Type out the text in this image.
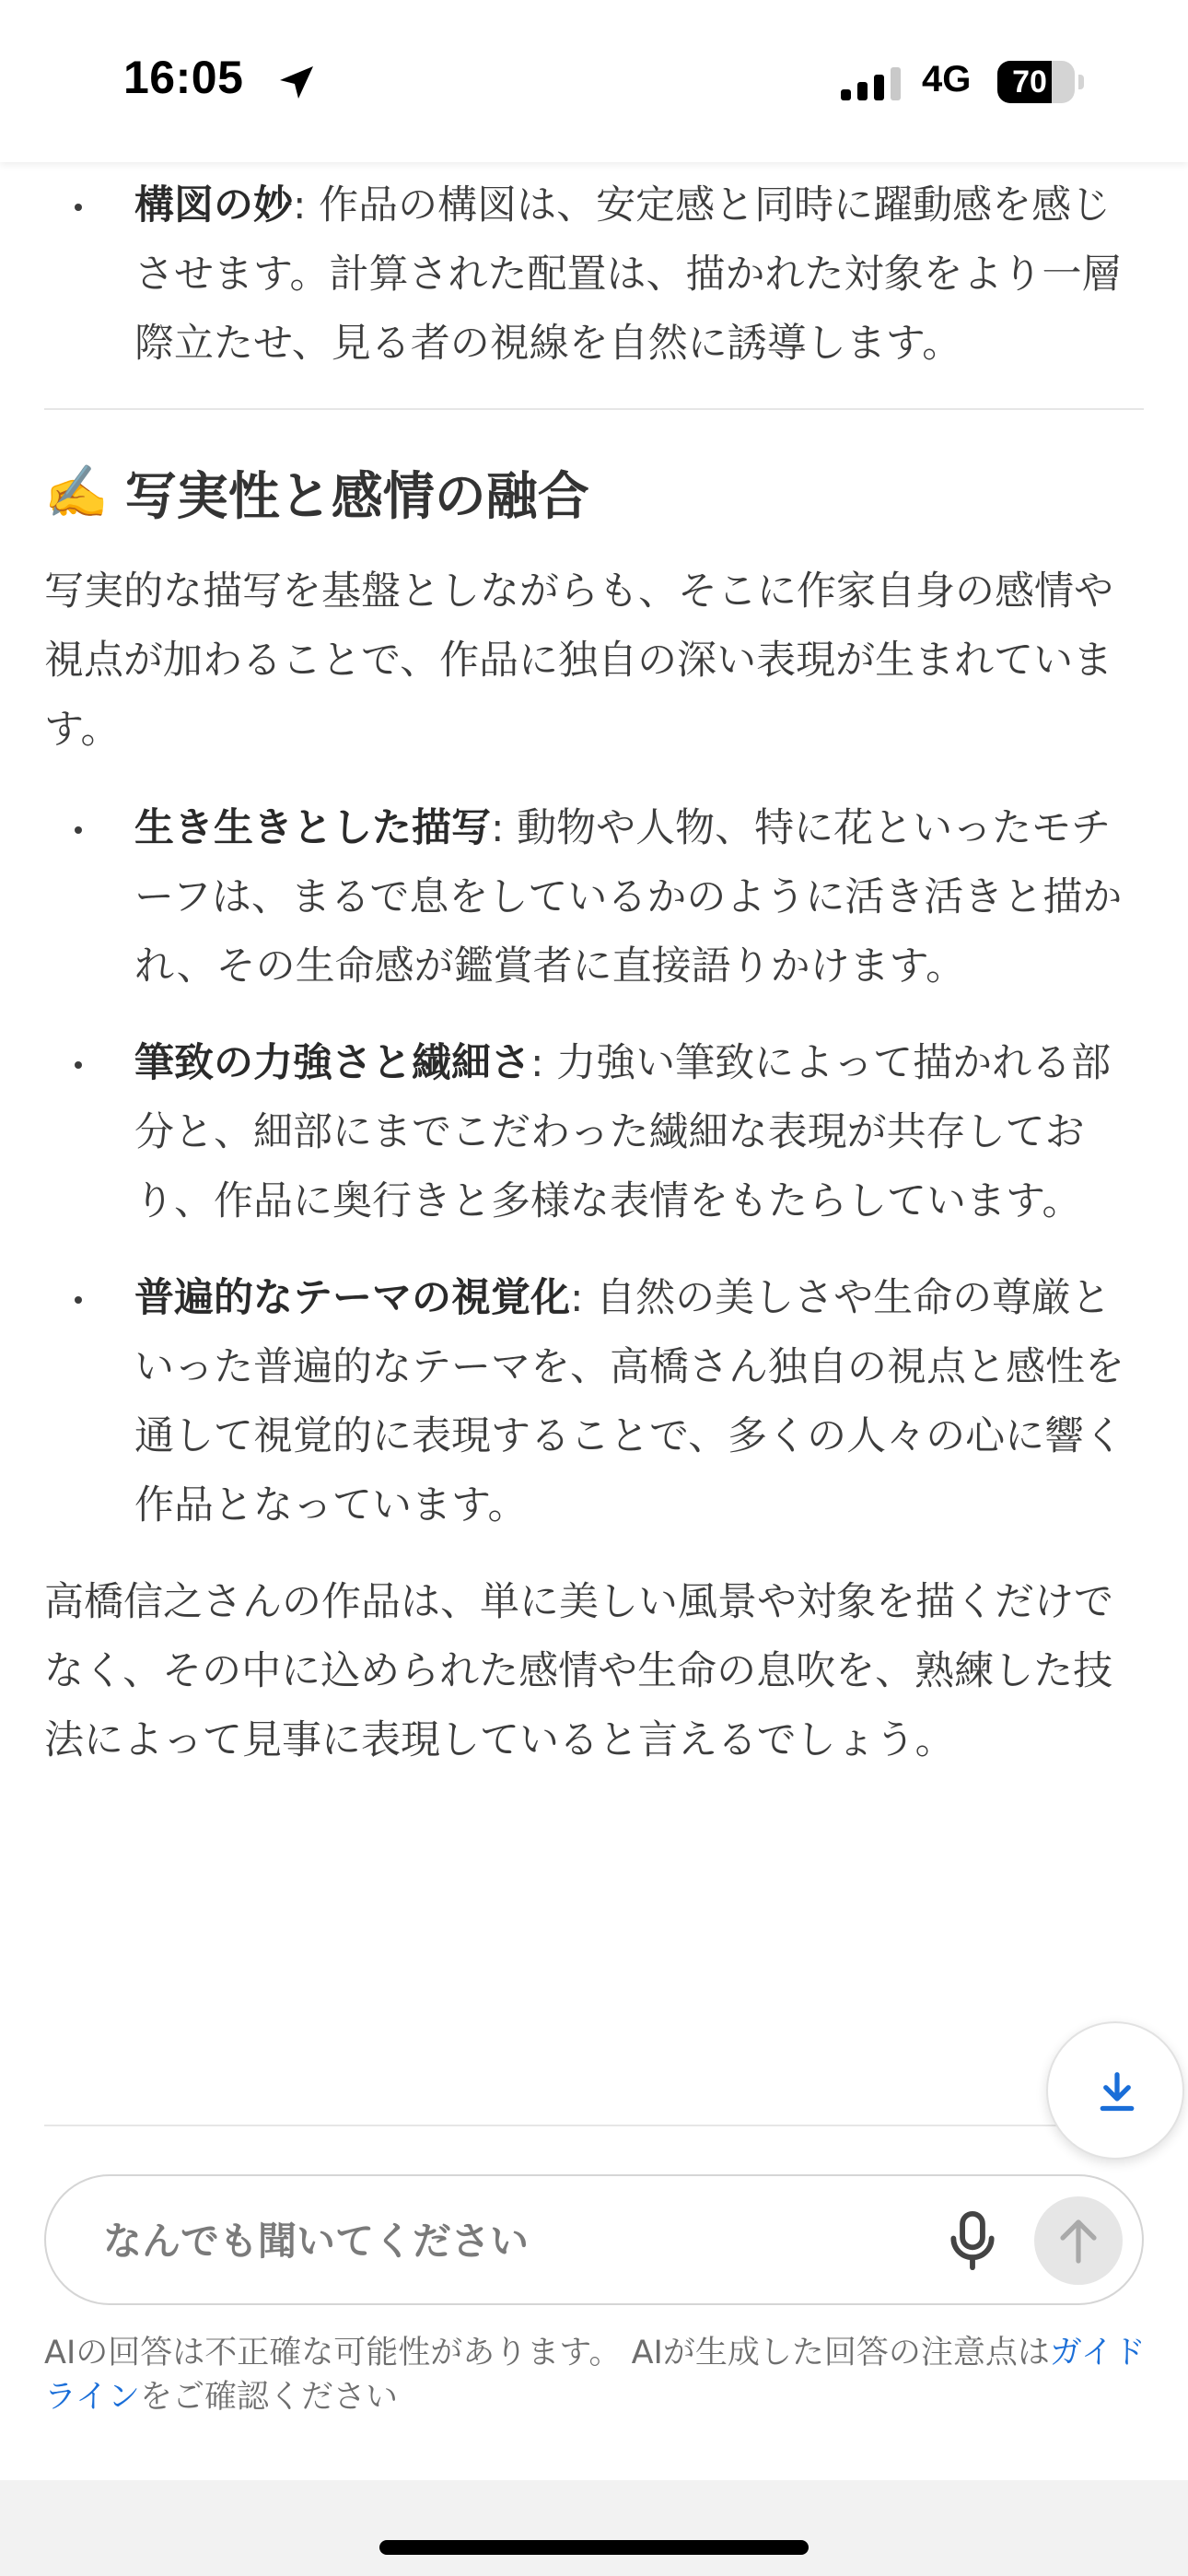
16:05	4G	70
構図の妙: 作品の構図は、安定感と同時に躍動感を感じさせます。計算された配置は、描かれた対象をより一層際立たせ、見る者の視線を自然に誘導します。
✍️ 写実性と感情の融合

写実的な描写を基盤としながらも、そこに作家自身の感情や視点が加わることで、作品に独自の深い表現が生まれています。

生き生きとした描写: 動物や人物、特に花といったモチーフは、まるで息をしているかのように活き活きと描かれ、その生命感が鑑賞者に直接語りかけます。
筆致の力強さと繊細さ: 力強い筆致によって描かれる部分と、細部にまでこだわった繊細な表現が共存しており、作品に奥行きと多様な表情をもたらしています。
普遍的なテーマの視覚化: 自然の美しさや生命の尊厳といった普遍的なテーマを、高橋さん独自の視点と感性を通して視覚的に表現することで、多くの人々の心に響く作品となっています。

高橋信之さんの作品は、単に美しい風景や対象を描くだけでなく、その中に込められた感情や生命の息吹を、熟練した技法によって見事に表現していると言えるでしょう。

なんでも聞いてください
AIの回答は不正確な可能性があります。 AIが生成した回答の注意点はガイドラインをご確認ください
